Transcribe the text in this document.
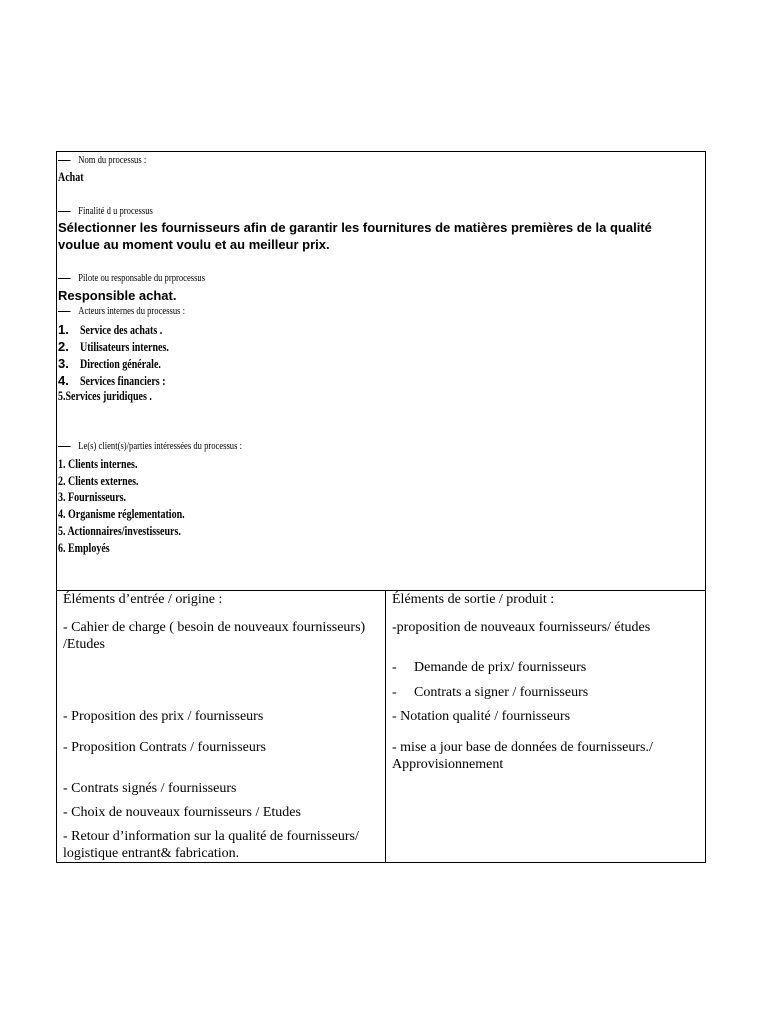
Nom du processus :
Achat
Finalité d u processus
Sélectionner les fournisseurs afin de garantir les fournitures de matières premières de la qualité
voulue au moment voulu et au meilleur prix.
Pilote ou responsable du prprocessus
Responsible achat.
Acteurs internes du processus :
1. Service des achats .
2. Utilisateurs internes.
3. Direction générale.
4. Services financiers :
5.Services juridiques .
Le(s) client(s)/parties intéressées du processus :
1. Clients internes.
2. Clients externes.
3. Fournisseurs.
4. Organisme réglementation.
5. Actionnaires/investisseurs.
6. Employés
Éléments d’entrée / origine :
- Cahier de charge ( besoin de nouveaux fournisseurs) /Etudes
- Proposition des prix / fournisseurs
- Proposition Contrats / fournisseurs
- Contrats signés / fournisseurs
- Choix de nouveaux fournisseurs / Etudes
- Retour d’information sur la qualité de fournisseurs/ logistique entrant& fabrication.
Éléments de sortie / produit :
-proposition de nouveaux fournisseurs/ études
- Demande de prix/ fournisseurs
- Contrats a signer / fournisseurs
- Notation qualité / fournisseurs
- mise a jour base de données de fournisseurs./ Approvisionnement
